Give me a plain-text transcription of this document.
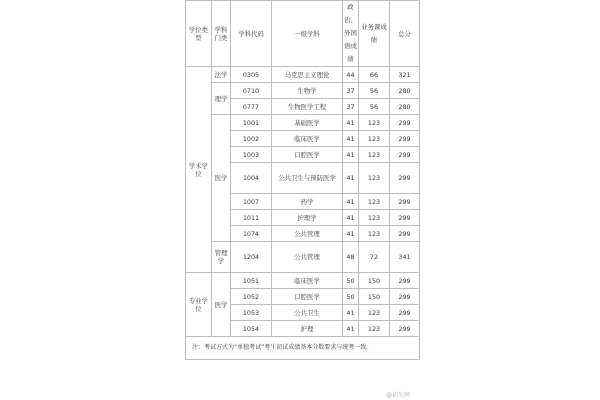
学位类型	学科门类	学科代码	一级学科	政治、外国语成绩	业务课成绩	总分
学术学位	法学	0305	马克思主义理论	44	66	321
	理学	0710	生物学	37	56	280
		0777	生物医学工程	37	56	280
	医学	1001	基础医学	41	123	299
		1002	临床医学	41	123	299
		1003	口腔医学	41	123	299
		1004	公共卫生与预防医学	41	123	299
		1007	药学	41	123	299
		1011	护理学	41	123	299
		1074	公共管理	41	123	299
	管理学	1204	公共管理	48	72	341
专业学位	医学	1051	临床医学	50	150	299
		1052	口腔医学	50	150	299
		1053	公共卫生	41	123	299
		1054	护理	41	123	299
注：考试方式为“单独考试”考生初试成绩基本分数要求与统考一致。						
@招生网
